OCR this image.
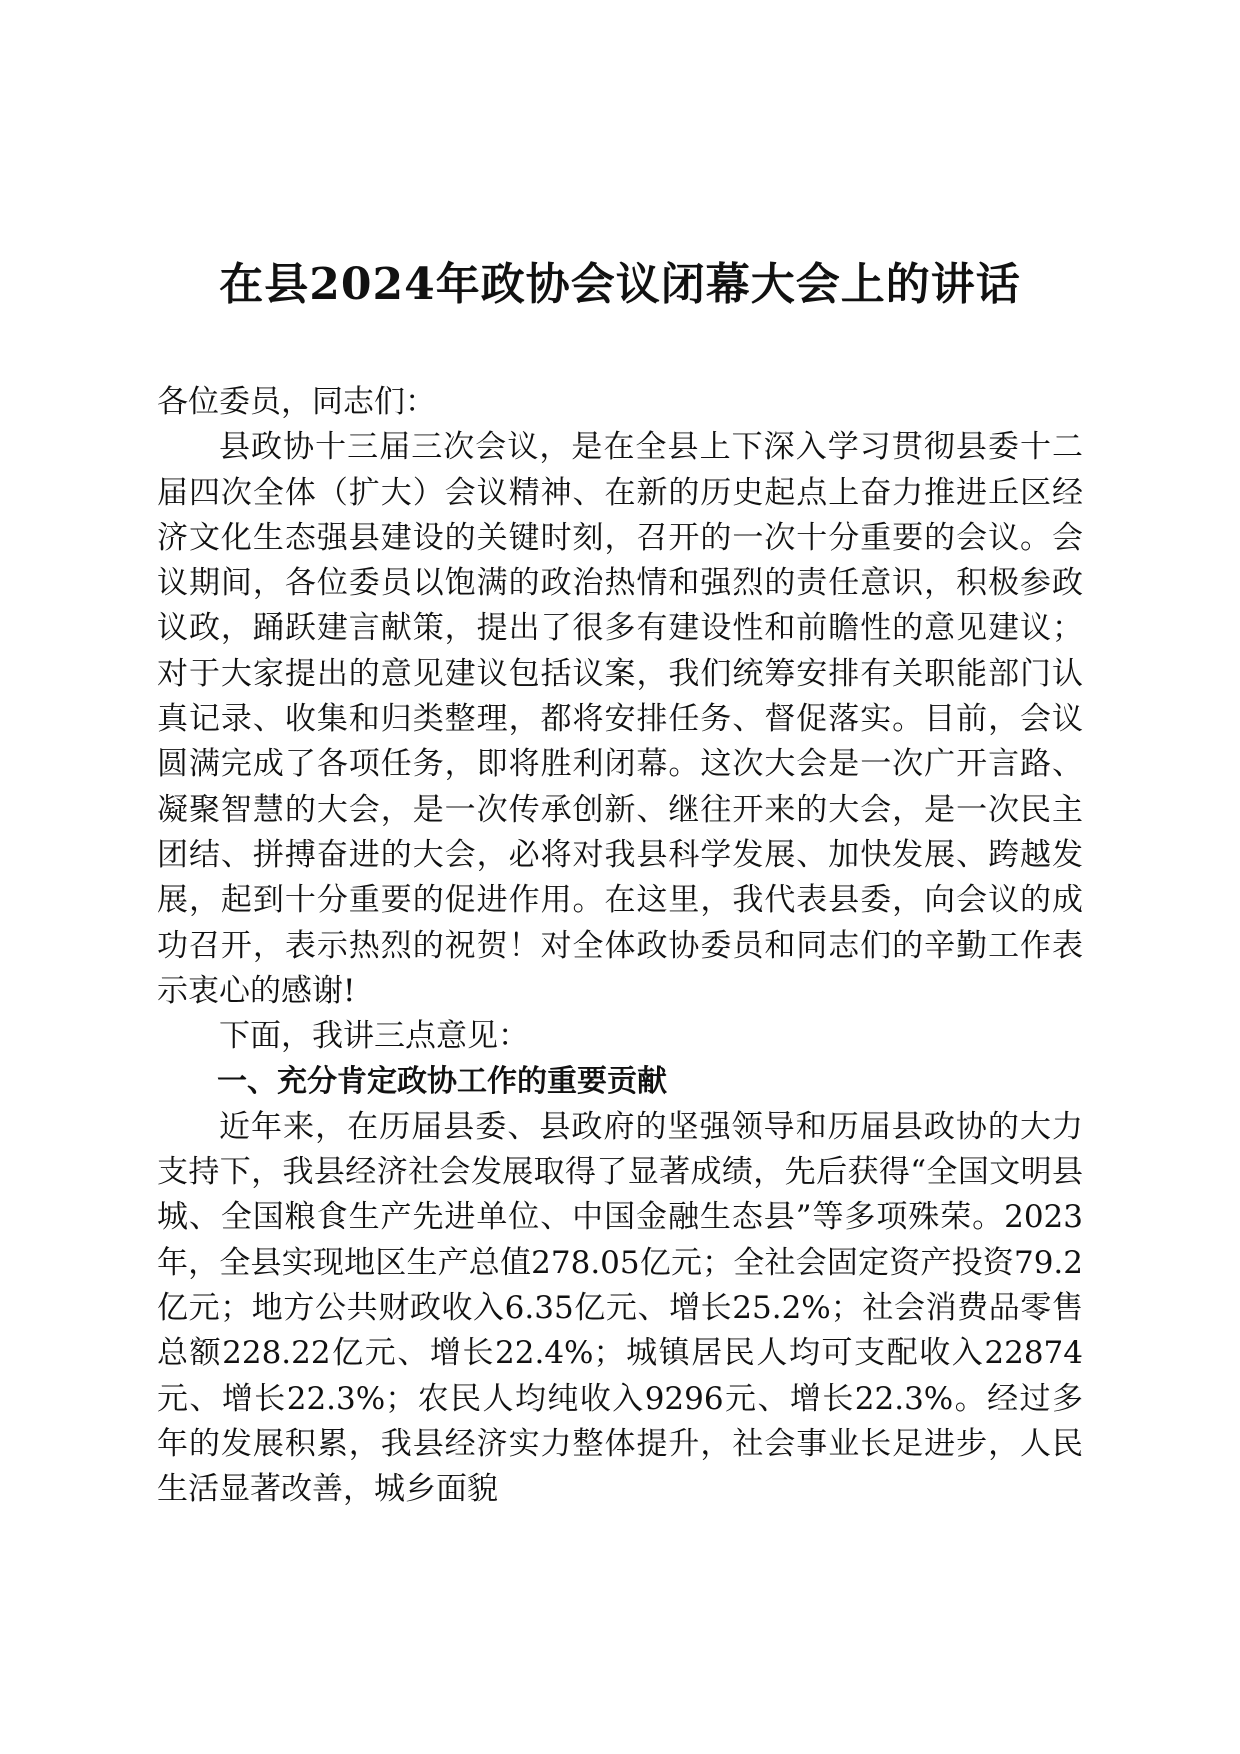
在县2024年政协会议闭幕大会上的讲话

各位委员，同志们：

县政协十三届三次会议，是在全县上下深入学习贯彻县委十二届四次全体（扩大）会议精神、在新的历史起点上奋力推进丘区经济文化生态强县建设的关键时刻，召开的一次十分重要的会议。会议期间，各位委员以饱满的政治热情和强烈的责任意识，积极参政议政，踊跃建言献策，提出了很多有建设性和前瞻性的意见建议；对于大家提出的意见建议包括议案，我们统筹安排有关职能部门认真记录、收集和归类整理，都将安排任务、督促落实。目前，会议圆满完成了各项任务，即将胜利闭幕。这次大会是一次广开言路、凝聚智慧的大会，是一次传承创新、继往开来的大会，是一次民主团结、拼搏奋进的大会，必将对我县科学发展、加快发展、跨越发展，起到十分重要的促进作用。在这里，我代表县委，向会议的成功召开，表示热烈的祝贺！对全体政协委员和同志们的辛勤工作表示衷心的感谢!

下面，我讲三点意见：

一、充分肯定政协工作的重要贡献

近年来，在历届县委、县政府的坚强领导和历届县政协的大力支持下，我县经济社会发展取得了显著成绩，先后获得“全国文明县城、全国粮食生产先进单位、中国金融生态县”等多项殊荣。2023年，全县实现地区生产总值278.05亿元；全社会固定资产投资79.2亿元；地方公共财政收入6.35亿元、增长25.2%；社会消费品零售总额228.22亿元、增长22.4%；城镇居民人均可支配收入22874元、增长22.3%；农民人均纯收入9296元、增长22.3%。经过多年的发展积累，我县经济实力整体提升，社会事业长足进步，人民生活显著改善，城乡面貌
